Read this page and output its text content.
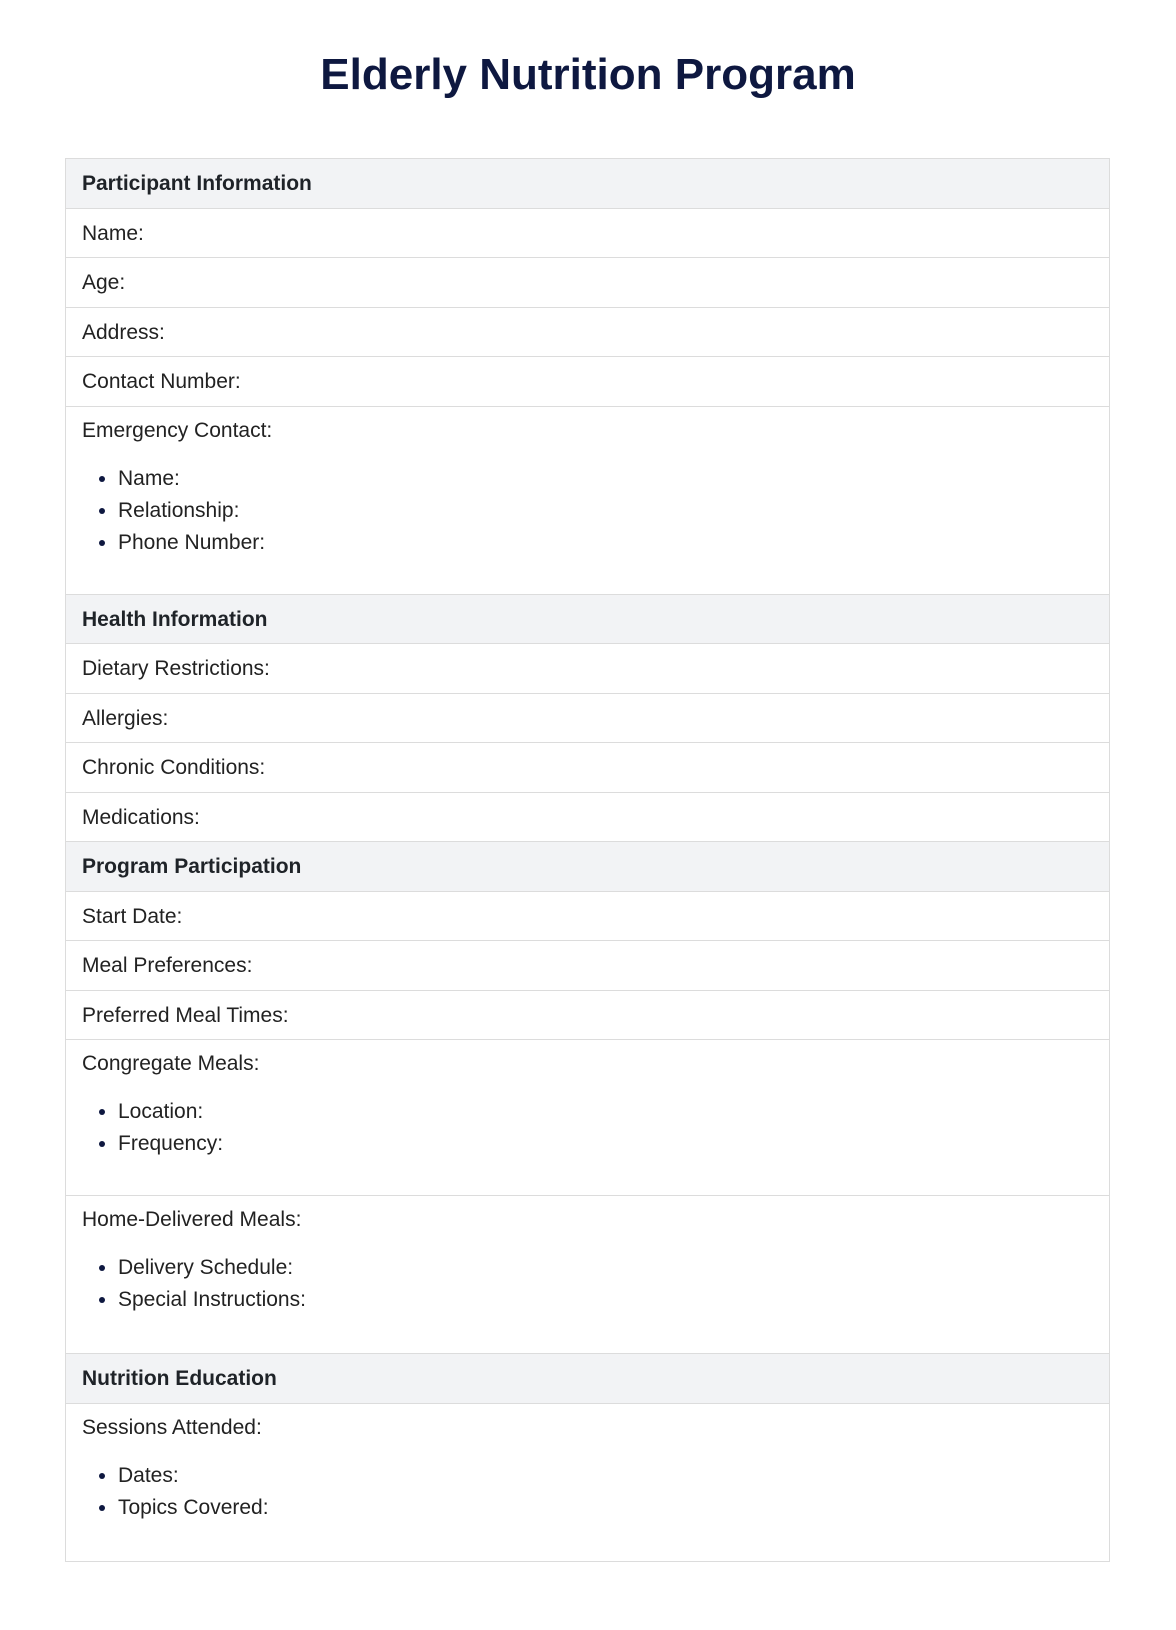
Elderly Nutrition Program
Participant Information
Name:
Age:
Address:
Contact Number:
Emergency Contact:
• Name:
• Relationship:
• Phone Number:
Health Information
Dietary Restrictions:
Allergies:
Chronic Conditions:
Medications:
Program Participation
Start Date:
Meal Preferences:
Preferred Meal Times:
Congregate Meals:
• Location:
• Frequency:
Home-Delivered Meals:
• Delivery Schedule:
• Special Instructions:
Nutrition Education
Sessions Attended:
• Dates:
• Topics Covered:
